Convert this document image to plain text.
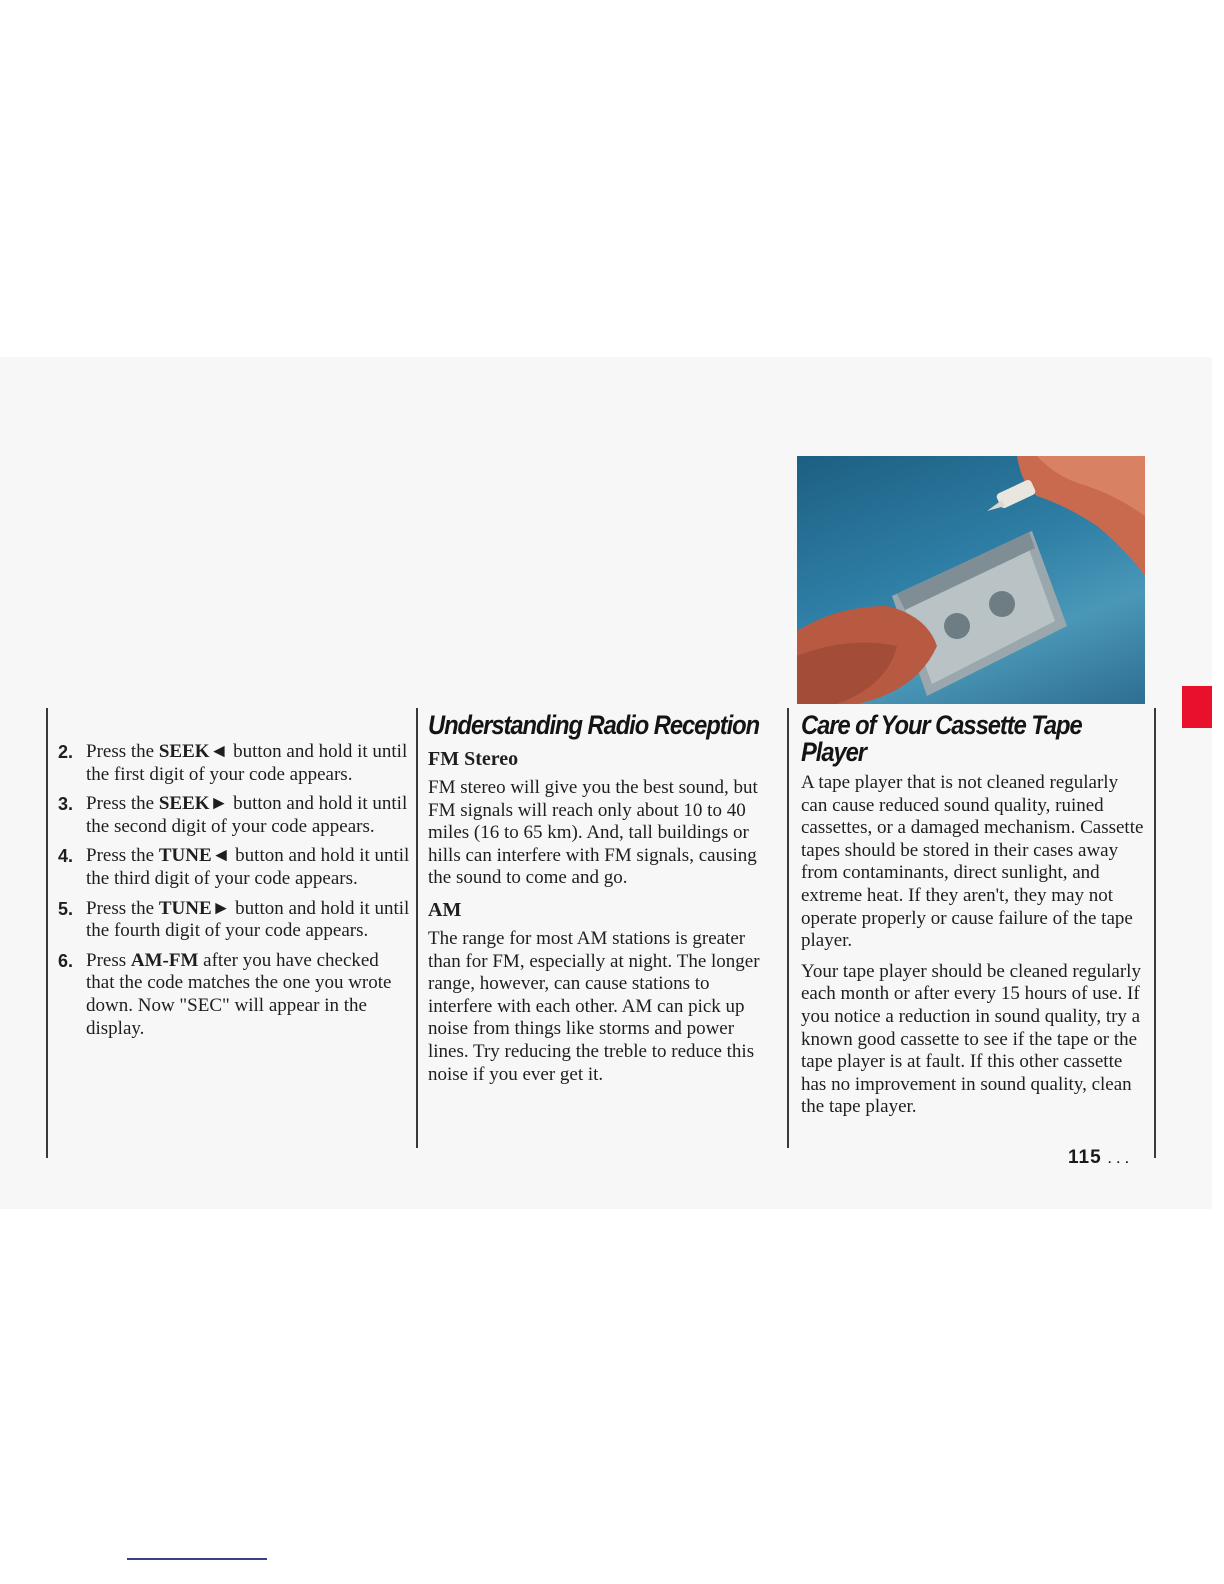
2. Press the SEEK◄ button and hold it until the first digit of your code appears.
3. Press the SEEK► button and hold it until the second digit of your code appears.
4. Press the TUNE◄ button and hold it until the third digit of your code appears.
5. Press the TUNE► button and hold it until the fourth digit of your code appears.
6. Press AM-FM after you have checked that the code matches the one you wrote down. Now "SEC" will appear in the display.
Understanding Radio Reception
FM Stereo

FM stereo will give you the best sound, but FM signals will reach only about 10 to 40 miles (16 to 65 km). And, tall buildings or hills can interfere with FM signals, causing the sound to come and go.

AM

The range for most AM stations is greater than for FM, especially at night. The longer range, however, can cause stations to interfere with each other. AM can pick up noise from things like storms and power lines. Try reducing the treble to reduce this noise if you ever get it.

Care of Your Cassette Tape
Player

A tape player that is not cleaned regularly can cause reduced sound quality, ruined cassettes, or a damaged mechanism. Cassette tapes should be stored in their cases away from contaminants, direct sunlight, and extreme heat. If they aren't, they may not operate properly or cause failure of the tape player.

Your tape player should be cleaned regularly each month or after every 15 hours of use. If you notice a reduction in sound quality, try a known good cassette to see if the tape or the tape player is at fault. If this other cassette has no improvement in sound quality, clean the tape player.

115 . . .
